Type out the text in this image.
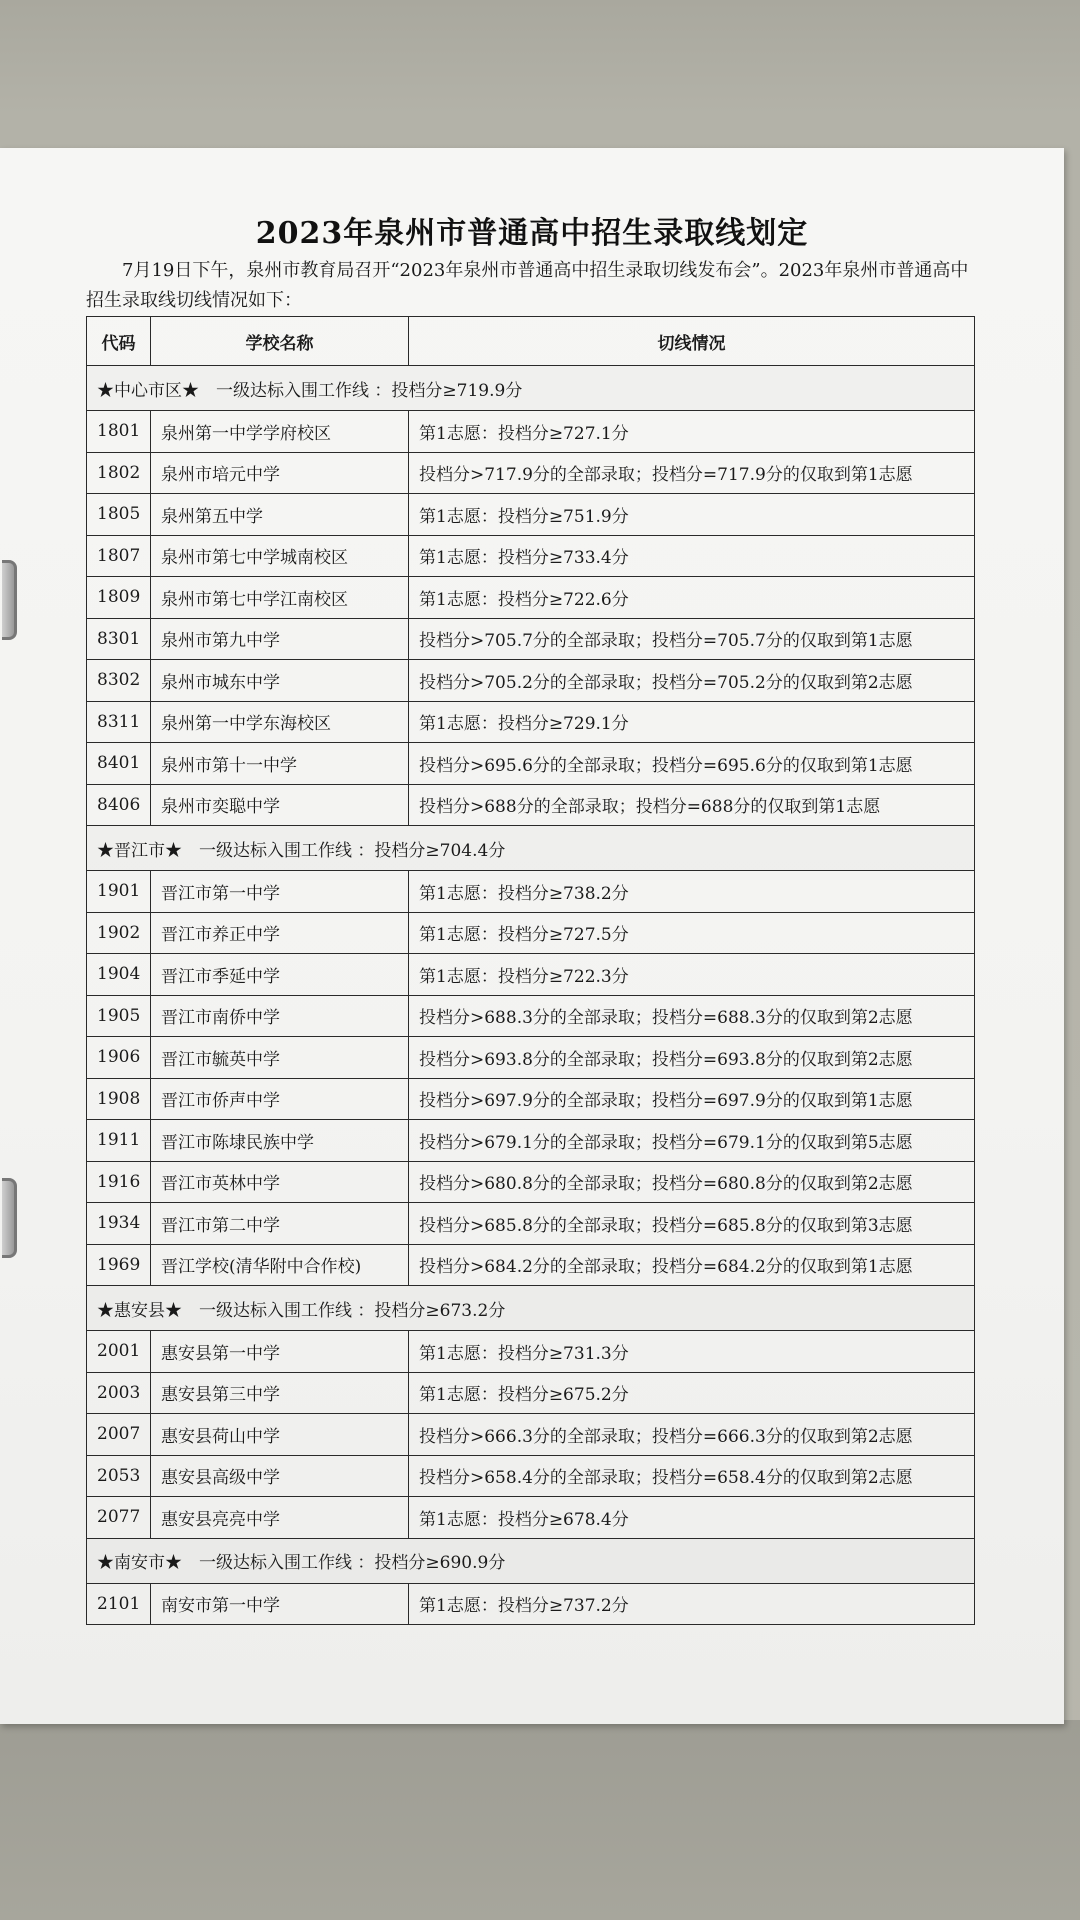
2023年泉州市普通高中招生录取线划定

7月19日下午，泉州市教育局召开“2023年泉州市普通高中招生录取切线发布会”。2023年泉州市普通高中招生录取线切线情况如下：

代码	学校名称	切线情况
★中心市区★　一级达标入围工作线 ：投档分≥719.9分		
1801	泉州第一中学学府校区	第1志愿：投档分≥727.1分
1802	泉州市培元中学	投档分>717.9分的全部录取；投档分=717.9分的仅取到第1志愿
1805	泉州第五中学	第1志愿：投档分≥751.9分
1807	泉州市第七中学城南校区	第1志愿：投档分≥733.4分
1809	泉州市第七中学江南校区	第1志愿：投档分≥722.6分
8301	泉州市第九中学	投档分>705.7分的全部录取；投档分=705.7分的仅取到第1志愿
8302	泉州市城东中学	投档分>705.2分的全部录取；投档分=705.2分的仅取到第2志愿
8311	泉州第一中学东海校区	第1志愿：投档分≥729.1分
8401	泉州市第十一中学	投档分>695.6分的全部录取；投档分=695.6分的仅取到第1志愿
8406	泉州市奕聪中学	投档分>688分的全部录取；投档分=688分的仅取到第1志愿
★晋江市★　一级达标入围工作线 ：投档分≥704.4分		
1901	晋江市第一中学	第1志愿：投档分≥738.2分
1902	晋江市养正中学	第1志愿：投档分≥727.5分
1904	晋江市季延中学	第1志愿：投档分≥722.3分
1905	晋江市南侨中学	投档分>688.3分的全部录取；投档分=688.3分的仅取到第2志愿
1906	晋江市毓英中学	投档分>693.8分的全部录取；投档分=693.8分的仅取到第2志愿
1908	晋江市侨声中学	投档分>697.9分的全部录取；投档分=697.9分的仅取到第1志愿
1911	晋江市陈埭民族中学	投档分>679.1分的全部录取；投档分=679.1分的仅取到第5志愿
1916	晋江市英林中学	投档分>680.8分的全部录取；投档分=680.8分的仅取到第2志愿
1934	晋江市第二中学	投档分>685.8分的全部录取；投档分=685.8分的仅取到第3志愿
1969	晋江学校(清华附中合作校)	投档分>684.2分的全部录取；投档分=684.2分的仅取到第1志愿
★惠安县★　一级达标入围工作线 ：投档分≥673.2分		
2001	惠安县第一中学	第1志愿：投档分≥731.3分
2003	惠安县第三中学	第1志愿：投档分≥675.2分
2007	惠安县荷山中学	投档分>666.3分的全部录取；投档分=666.3分的仅取到第2志愿
2053	惠安县高级中学	投档分>658.4分的全部录取；投档分=658.4分的仅取到第2志愿
2077	惠安县亮亮中学	第1志愿：投档分≥678.4分
★南安市★　一级达标入围工作线 ：投档分≥690.9分		
2101	南安市第一中学	第1志愿：投档分≥737.2分
